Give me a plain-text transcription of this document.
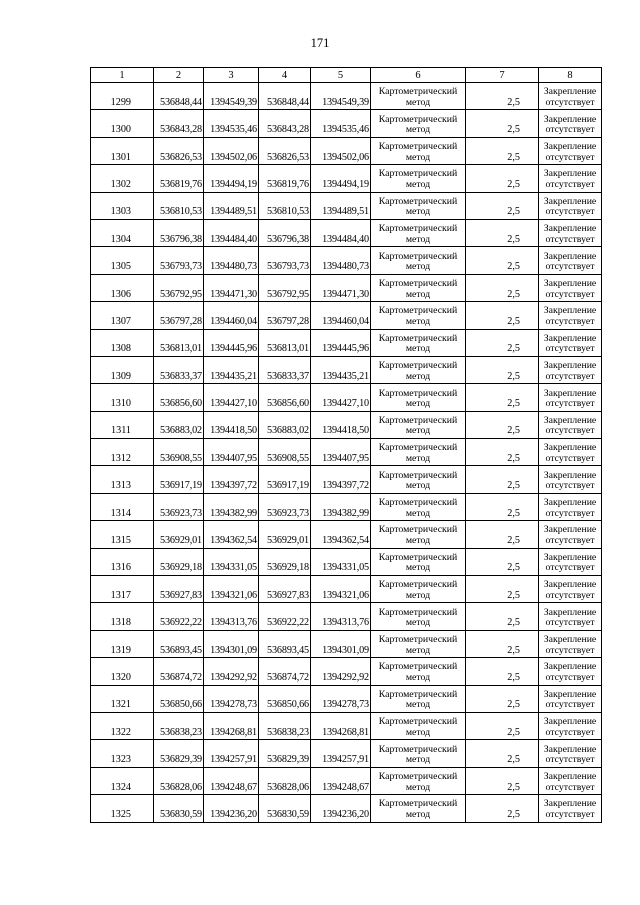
171
1	2	3	4	5	6	7	8
1299	536848,44	1394549,39	536848,44	1394549,39	Картометрический
метод	2,5	Закрепление
отсутствует

1300	536843,28	1394535,46	536843,28	1394535,46	Картометрический
метод	2,5	Закрепление
отсутствует

1301	536826,53	1394502,06	536826,53	1394502,06	Картометрический
метод	2,5	Закрепление
отсутствует

1302	536819,76	1394494,19	536819,76	1394494,19	Картометрический
метод	2,5	Закрепление
отсутствует

1303	536810,53	1394489,51	536810,53	1394489,51	Картометрический
метод	2,5	Закрепление
отсутствует

1304	536796,38	1394484,40	536796,38	1394484,40	Картометрический
метод	2,5	Закрепление
отсутствует

1305	536793,73	1394480,73	536793,73	1394480,73	Картометрический
метод	2,5	Закрепление
отсутствует

1306	536792,95	1394471,30	536792,95	1394471,30	Картометрический
метод	2,5	Закрепление
отсутствует

1307	536797,28	1394460,04	536797,28	1394460,04	Картометрический
метод	2,5	Закрепление
отсутствует

1308	536813,01	1394445,96	536813,01	1394445,96	Картометрический
метод	2,5	Закрепление
отсутствует

1309	536833,37	1394435,21	536833,37	1394435,21	Картометрический
метод	2,5	Закрепление
отсутствует

1310	536856,60	1394427,10	536856,60	1394427,10	Картометрический
метод	2,5	Закрепление
отсутствует

1311	536883,02	1394418,50	536883,02	1394418,50	Картометрический
метод	2,5	Закрепление
отсутствует

1312	536908,55	1394407,95	536908,55	1394407,95	Картометрический
метод	2,5	Закрепление
отсутствует

1313	536917,19	1394397,72	536917,19	1394397,72	Картометрический
метод	2,5	Закрепление
отсутствует

1314	536923,73	1394382,99	536923,73	1394382,99	Картометрический
метод	2,5	Закрепление
отсутствует

1315	536929,01	1394362,54	536929,01	1394362,54	Картометрический
метод	2,5	Закрепление
отсутствует

1316	536929,18	1394331,05	536929,18	1394331,05	Картометрический
метод	2,5	Закрепление
отсутствует

1317	536927,83	1394321,06	536927,83	1394321,06	Картометрический
метод	2,5	Закрепление
отсутствует

1318	536922,22	1394313,76	536922,22	1394313,76	Картометрический
метод	2,5	Закрепление
отсутствует

1319	536893,45	1394301,09	536893,45	1394301,09	Картометрический
метод	2,5	Закрепление
отсутствует

1320	536874,72	1394292,92	536874,72	1394292,92	Картометрический
метод	2,5	Закрепление
отсутствует

1321	536850,66	1394278,73	536850,66	1394278,73	Картометрический
метод	2,5	Закрепление
отсутствует

1322	536838,23	1394268,81	536838,23	1394268,81	Картометрический
метод	2,5	Закрепление
отсутствует

1323	536829,39	1394257,91	536829,39	1394257,91	Картометрический
метод	2,5	Закрепление
отсутствует

1324	536828,06	1394248,67	536828,06	1394248,67	Картометрический
метод	2,5	Закрепление
отсутствует

1325	536830,59	1394236,20	536830,59	1394236,20	Картометрический
метод	2,5	Закрепление
отсутствует
